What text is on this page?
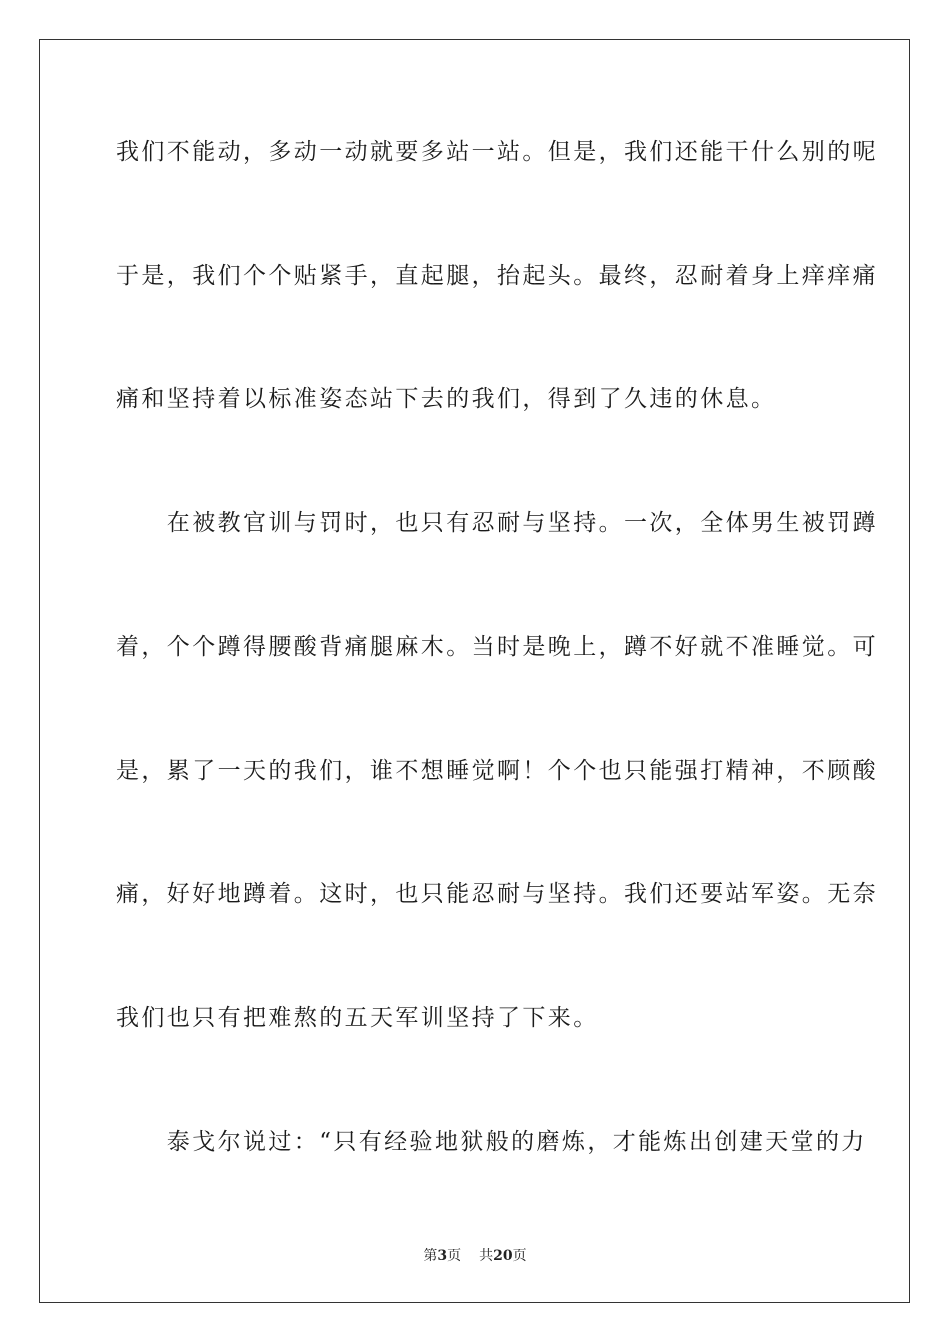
我们不能动，多动一动就要多站一站。但是，我们还能干什么别的呢
于是，我们个个贴紧手，直起腿，抬起头。最终，忍耐着身上痒痒痛
痛和坚持着以标准姿态站下去的我们，得到了久违的休息。
　　在被教官训与罚时，也只有忍耐与坚持。一次，全体男生被罚蹲
着，个个蹲得腰酸背痛腿麻木。当时是晚上，蹲不好就不准睡觉。可
是，累了一天的我们，谁不想睡觉啊！个个也只能强打精神，不顾酸
痛，好好地蹲着。这时，也只能忍耐与坚持。我们还要站军姿。无奈
我们也只有把难熬的五天军训坚持了下来。
　　泰戈尔说过：“只有经验地狱般的磨炼，才能炼出创建天堂的力
第3页 共20页
